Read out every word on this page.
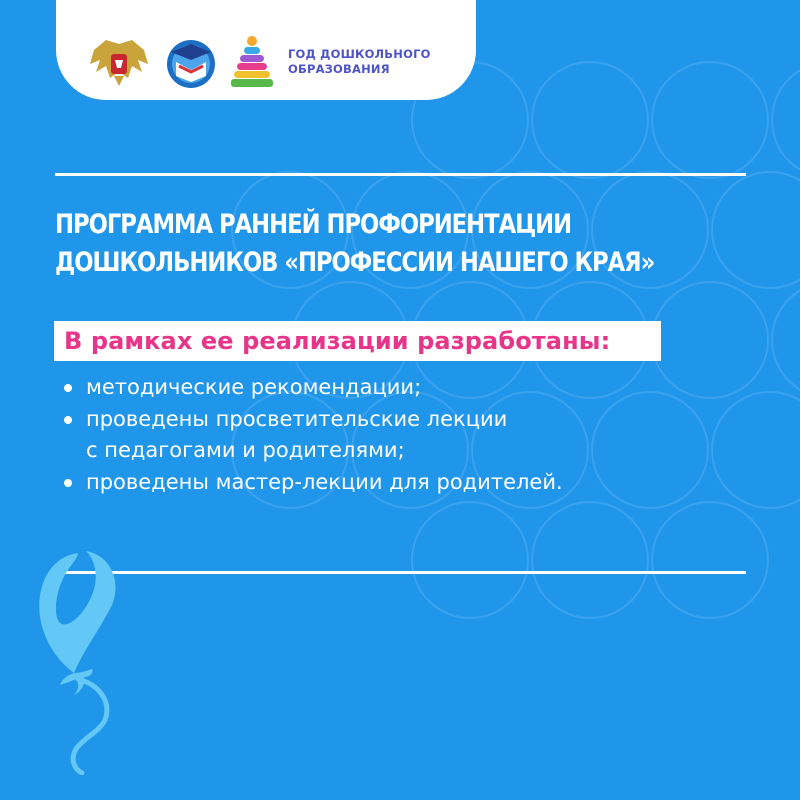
ГОД ДОШКОЛЬНОГО
ОБРАЗОВАНИЯ
ПРОГРАММА РАННЕЙ ПРОФОРИЕНТАЦИИ
ДОШКОЛЬНИКОВ «ПРОФЕССИИ НАШЕГО КРАЯ»
В рамках ее реализации разработаны:
методические рекомендации;
проведены просветительские лекции
с педагогами и родителями;
проведены мастер-лекции для родителей.
